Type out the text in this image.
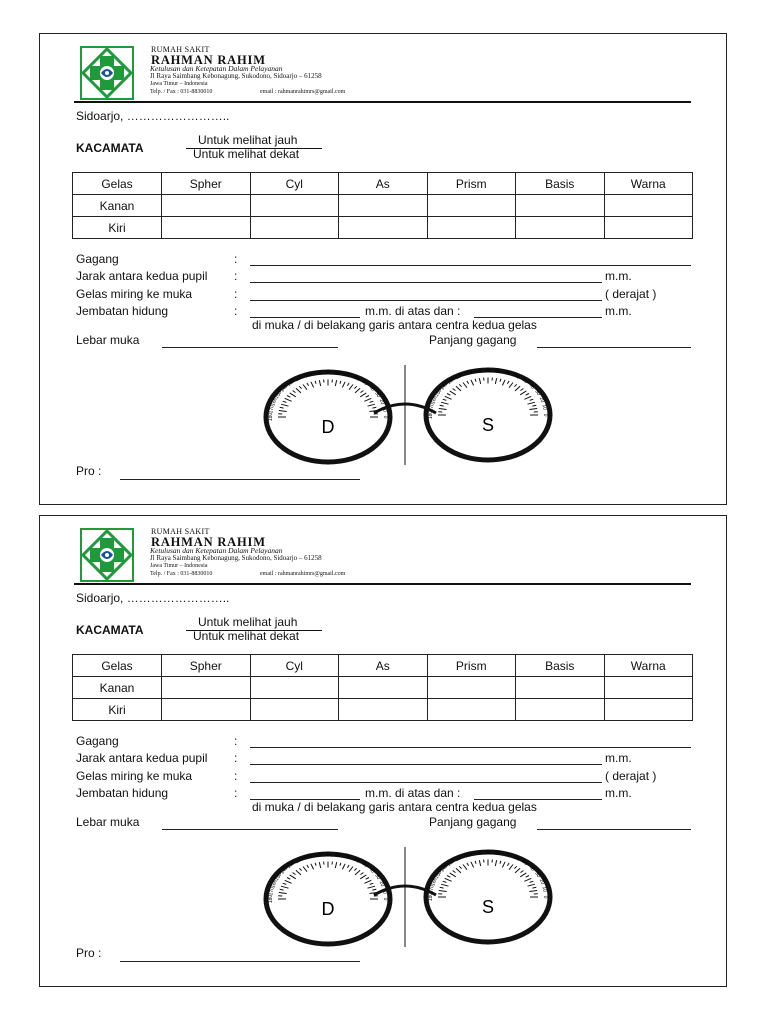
RUMAH SAKIT
RAHMAN RAHIM
Ketulusan dan Ketepatan Dalam Pelayanan
Jl Raya Saimbang Kebonagung, Sukodono, Sidoarjo – 61258
Jawa Timur – Indonesia
Telp. / Fax : 031-8830010	email : rahmanrahimrs@gmail.com
Sidoarjo, ……………………..
KACAMATA
Untuk melihat jauh
Untuk melihat dekat
Gelas	Spher	Cyl	As	Prism	Basis	Warna
Kanan						
Kiri						
Gagang	:
Jarak antara kedua pupil :	m.m.
Gelas miring ke muka	:	( derajat )
Jembatan hidung	:	m.m. di atas dan :	m.m.
di muka / di belakang garis antara centra kedua gelas
Lebar muka	Panjang gagang
180
170
160
150
140
130
120 110 100 90 80 70 60
50
40
30
20
10
0	180
170
160
150
140
130
120 110 100 90 80 70 60
50
40
30
20
10
0
D	S
Pro :
RUMAH SAKIT
RAHMAN RAHIM
Ketulusan dan Ketepatan Dalam Pelayanan
Jl Raya Saimbang Kebonagung, Sukodono, Sidoarjo – 61258
Jawa Timur – Indonesia
Telp. / Fax : 031-8830010	email : rahmanrahimrs@gmail.com
Sidoarjo, ……………………..
KACAMATA
Untuk melihat jauh
Untuk melihat dekat
Gelas	Spher	Cyl	As	Prism	Basis	Warna
Kanan						
Kiri						
Gagang	:
Jarak antara kedua pupil :	m.m.
Gelas miring ke muka	:	( derajat )
Jembatan hidung	:	m.m. di atas dan :	m.m.
di muka / di belakang garis antara centra kedua gelas
Lebar muka	Panjang gagang
180
170
160
150
140
130
120 110 100 90 80 70 60
50
40
30
20
10
0	180
170
160
150
140
130
120 110 100 90 80 70 60
50
40
30
20
10
0
D	S
Pro :
